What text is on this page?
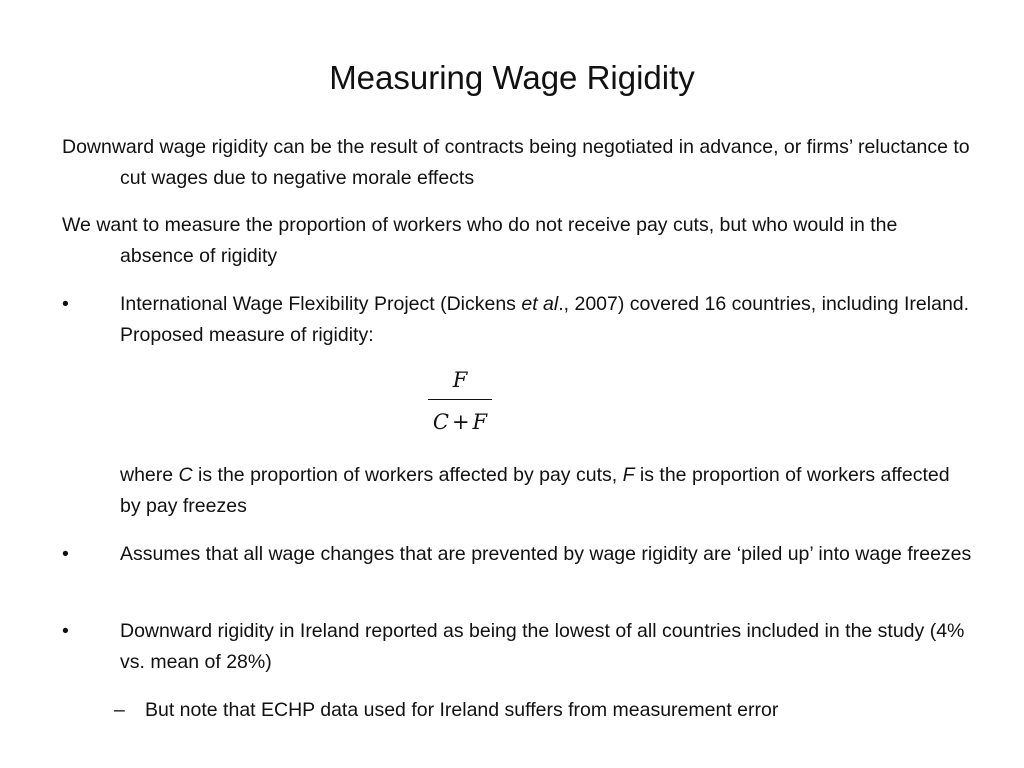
Measuring Wage Rigidity
Downward wage rigidity can be the result of contracts being negotiated in advance, or firms’ reluctance to cut wages due to negative morale effects
We want to measure the proportion of workers who do not receive pay cuts, but who would in the absence of rigidity
•	International Wage Flexibility Project (Dickens et al., 2007) covered 16 countries, including Ireland. Proposed measure of rigidity:
F
C + F
where C is the proportion of workers affected by pay cuts, F is the proportion of workers affected by pay freezes
•	Assumes that all wage changes that are prevented by wage rigidity are ‘piled up’ into wage freezes
•	Downward rigidity in Ireland reported as being the lowest of all countries included in the study (4% vs. mean of 28%)
– But note that ECHP data used for Ireland suffers from measurement error
